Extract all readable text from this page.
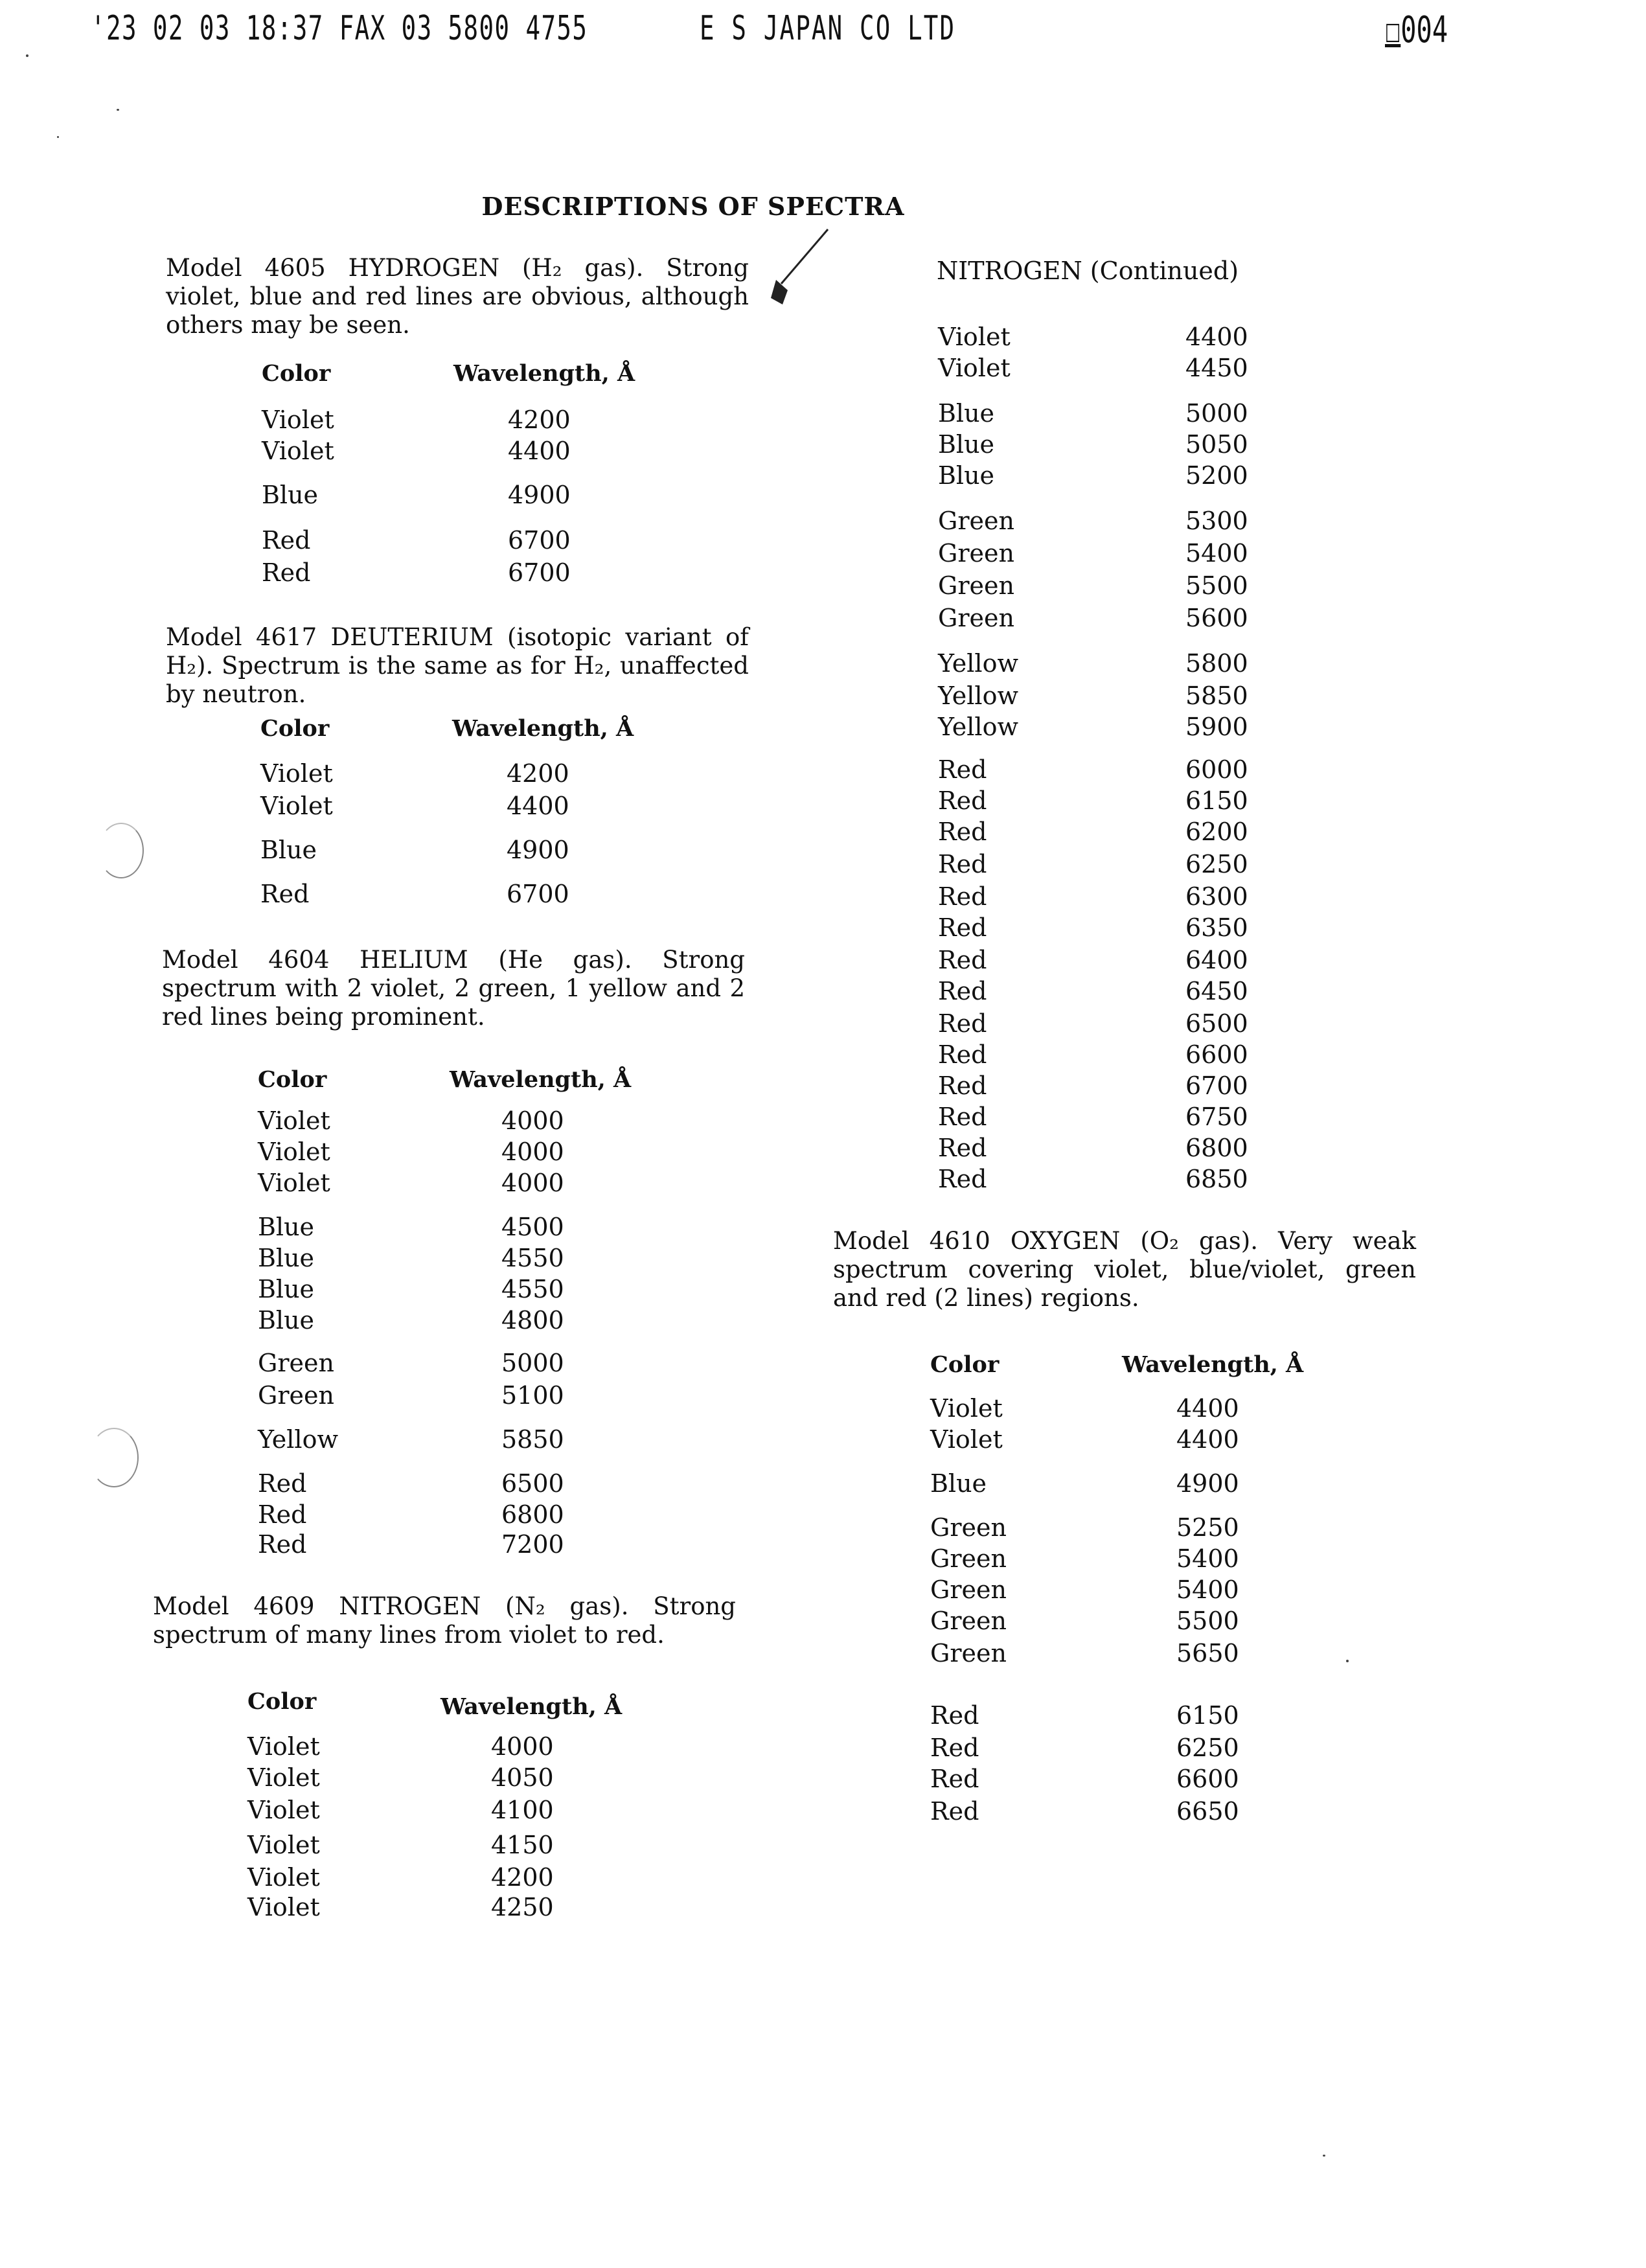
'23 02 03 18:37 FAX 03 5800 4755	E S JAPAN CO LTD	☐004
DESCRIPTIONS OF SPECTRA
Model 4605 HYDROGEN (H₂ gas). Strong violet, blue and red lines are obvious, although others may be seen.
Color	Wavelength, Å
Violet	4200
Violet	4400
Blue	4900
Red	6700
Red	6700
Model 4617 DEUTERIUM (isotopic variant of H₂). Spectrum is the same as for H₂, unaffected by neutron.
Color	Wavelength, Å
Violet	4200
Violet	4400
Blue	4900
Red	6700
Model 4604 HELIUM (He gas). Strong spectrum with 2 violet, 2 green, 1 yellow and 2 red lines being prominent.
Color	Wavelength, Å
Violet	4000
Violet	4000
Violet	4000
Blue	4500
Blue	4550
Blue	4550
Blue	4800
Green	5000
Green	5100
Yellow	5850
Red	6500
Red	6800
Red	7200
Model 4609 NITROGEN (N₂ gas). Strong spectrum of many lines from violet to red.
Color	Wavelength, Å
Violet	4000
Violet	4050
Violet	4100
Violet	4150
Violet	4200
Violet	4250
NITROGEN (Continued)
Violet	4400
Violet	4450
Blue	5000
Blue	5050
Blue	5200
Green	5300
Green	5400
Green	5500
Green	5600
Yellow	5800
Yellow	5850
Yellow	5900
Red	6000
Red	6150
Red	6200
Red	6250
Red	6300
Red	6350
Red	6400
Red	6450
Red	6500
Red	6600
Red	6700
Red	6750
Red	6800
Red	6850
Model 4610 OXYGEN (O₂ gas). Very weak spectrum covering violet, blue/violet, green and red (2 lines) regions.
Color	Wavelength, Å
Violet	4400
Violet	4400
Blue	4900
Green	5250
Green	5400
Green	5400
Green	5500
Green	5650
Red	6150
Red	6250
Red	6600
Red	6650
